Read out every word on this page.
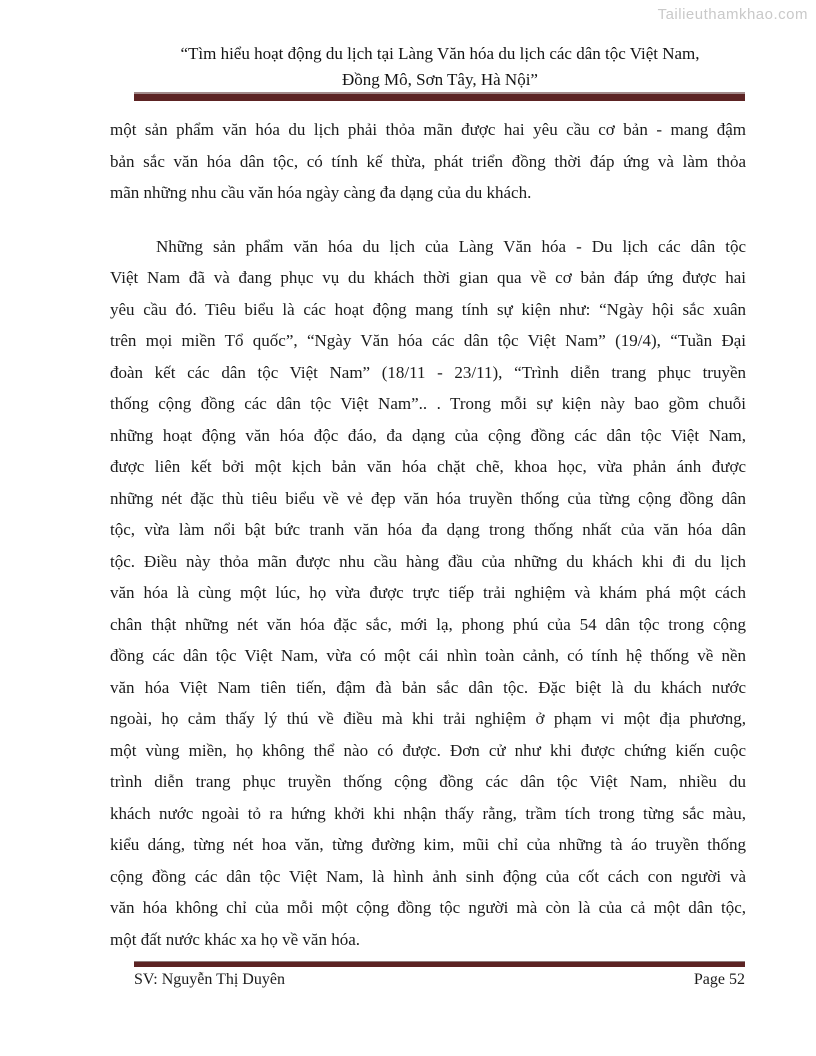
Tailieuthamkhao.com
“Tìm hiểu hoạt động du lịch tại Làng Văn hóa du lịch các dân tộc Việt Nam,
Đồng Mô, Sơn Tây, Hà Nội”
một sản phẩm văn hóa du lịch phải thỏa mãn được hai yêu cầu cơ bản - mang đậm
bản sắc văn hóa dân tộc, có tính kế thừa, phát triển đồng thời đáp ứng và làm thỏa
mãn những nhu cầu văn hóa ngày càng đa dạng của du khách.
Những sản phẩm văn hóa du lịch của Làng Văn hóa - Du lịch các dân tộc
Việt Nam đã và đang phục vụ du khách thời gian qua về cơ bản đáp ứng được hai
yêu cầu đó. Tiêu biểu là các hoạt động mang tính sự kiện như: “Ngày hội sắc xuân
trên mọi miền Tổ quốc”, “Ngày Văn hóa các dân tộc Việt Nam” (19/4), “Tuần Đại
đoàn kết các dân tộc Việt Nam” (18/11 - 23/11), “Trình diễn trang phục truyền
thống cộng đồng các dân tộc Việt Nam”.. . Trong mỗi sự kiện này bao gồm chuỗi
những hoạt động văn hóa độc đáo, đa dạng của cộng đồng các dân tộc Việt Nam,
được liên kết bởi một kịch bản văn hóa chặt chẽ, khoa học, vừa phản ánh được
những nét đặc thù tiêu biểu về vẻ đẹp văn hóa truyền thống của từng cộng đồng dân
tộc, vừa làm nổi bật bức tranh văn hóa đa dạng trong thống nhất của văn hóa dân
tộc. Điều này thỏa mãn được nhu cầu hàng đầu của những du khách khi đi du lịch
văn hóa là cùng một lúc, họ vừa được trực tiếp trải nghiệm và khám phá một cách
chân thật những nét văn hóa đặc sắc, mới lạ, phong phú của 54 dân tộc trong cộng
đồng các dân tộc Việt Nam, vừa có một cái nhìn toàn cảnh, có tính hệ thống về nền
văn hóa Việt Nam tiên tiến, đậm đà bản sắc dân tộc. Đặc biệt là du khách nước
ngoài, họ cảm thấy lý thú về điều mà khi trải nghiệm ở phạm vi một địa phương,
một vùng miền, họ không thể nào có được. Đơn cử như khi được chứng kiến cuộc
trình diễn trang phục truyền thống cộng đồng các dân tộc Việt Nam, nhiều du
khách nước ngoài tỏ ra hứng khởi khi nhận thấy rằng, trầm tích trong từng sắc màu,
kiểu dáng, từng nét hoa văn, từng đường kim, mũi chỉ của những tà áo truyền thống
cộng đồng các dân tộc Việt Nam, là hình ảnh sinh động của cốt cách con người và
văn hóa không chỉ của mỗi một cộng đồng tộc người mà còn là của cả một dân tộc,
một đất nước khác xa họ về văn hóa.
SV: Nguyễn Thị Duyên	Page 52
